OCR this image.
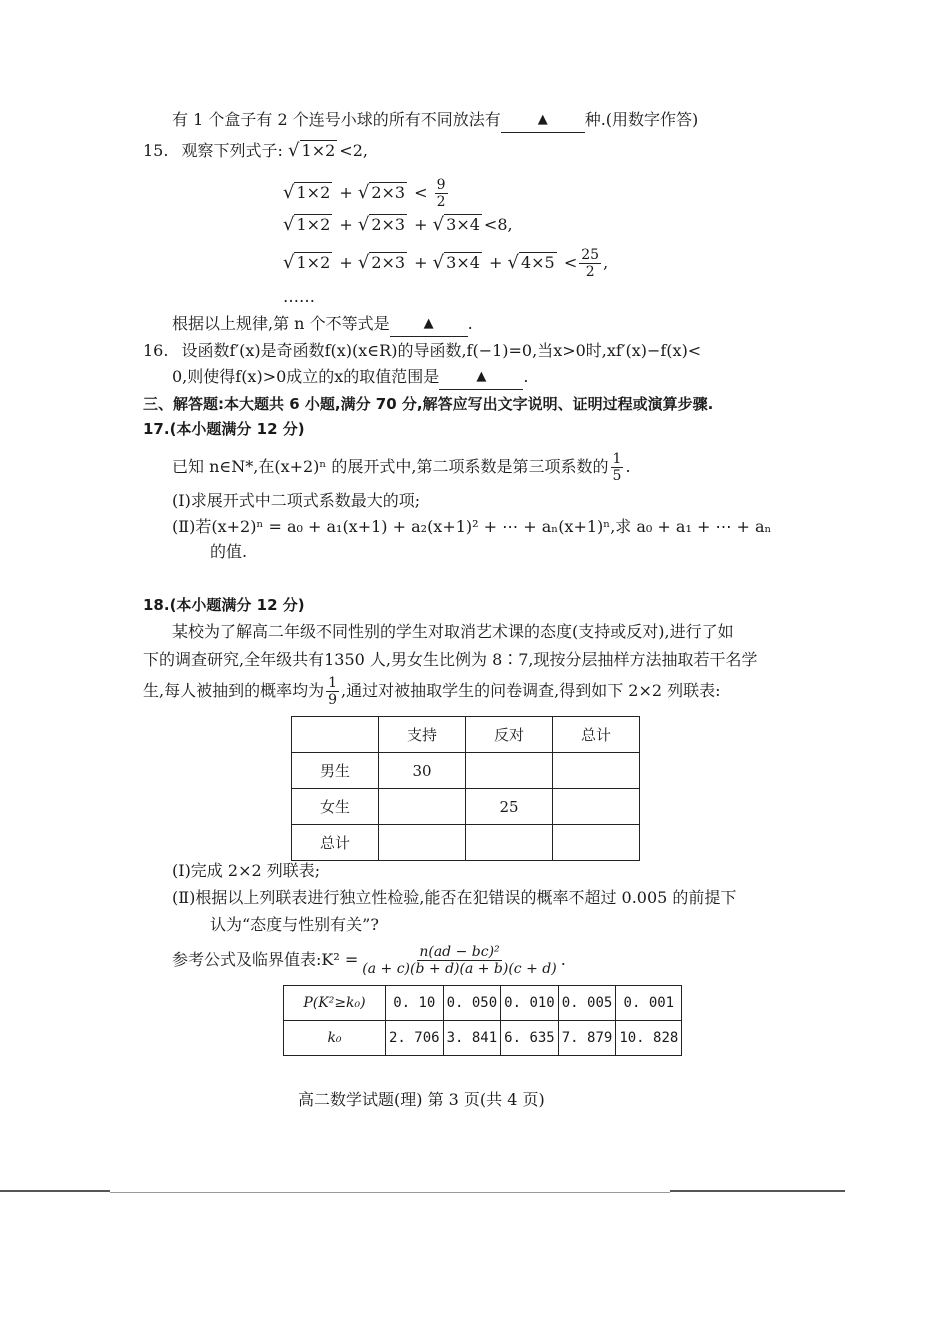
有 1 个盒子有 2 个连号小球的所有不同放法有	▲ 种.(用数字作答)
15. 观察下列式子: √ 1×2 <2,
√ 1×2 + √ $2\times 3 < \frac{9}{2}$
√ 1×2 + √ 2×3 + √ 3×4 <8,
√ 1×2 + √ 2×3 + √ 3×4 + √ $4\times 5 < \frac{25}{2}$ ,
……
根据以上规律,第 n 个不等式是	▲ .
16. 设函数f′(x)是奇函数f(x)(x∈R)的导函数,f(−1)=0,当x>0时,xf′(x)−f(x)<
0,则使得f(x)>0成立的x的取值范围是	▲ .
三、解答题:本大题共 6 小题,满分 70 分,解答应写出文字说明、证明过程或演算步骤.
17.(本小题满分 12 分)
已知 n∈N*,在(x+2)ⁿ 的展开式中,第二项系数是第三项系数的 $\frac{1}{5}$ .
(Ⅰ)求展开式中二项式系数最大的项;
(Ⅱ)若(x+2)ⁿ = a₀ + a₁(x+1) + a₂(x+1)² + ⋯ + aₙ(x+1)ⁿ,求 a₀ + a₁ + ⋯ + aₙ
的值.
18.(本小题满分 12 分)
某校为了解高二年级不同性别的学生对取消艺术课的态度(支持或反对),进行了如
下的调查研究,全年级共有1350 人,男女生比例为 8∶7,现按分层抽样方法抽取若干名学
生,每人被抽到的概率均为 $\frac{1}{9}$ ,通过对被抽取学生的问卷调查,得到如下 2×2 列联表:
	支持	反对	总计
男生	30		
女生		25	
总计			
(Ⅰ)完成 2×2 列联表;
(Ⅱ)根据以上列联表进行独立性检验,能否在犯错误的概率不超过 0.005 的前提下
认为“态度与性别有关”?
参考公式及临界值表:K² = $\frac{\text{n(ad − bc)²}}{(a + c)(b + d)(a + b)(c + d)}$ .
P(K²≥k₀)	0. 10	0. 050	0. 010	0. 005	0. 001
k₀	2. 706	3. 841	6. 635	7. 879	10. 828
高二数学试题(理) 第 3 页(共 4 页)
